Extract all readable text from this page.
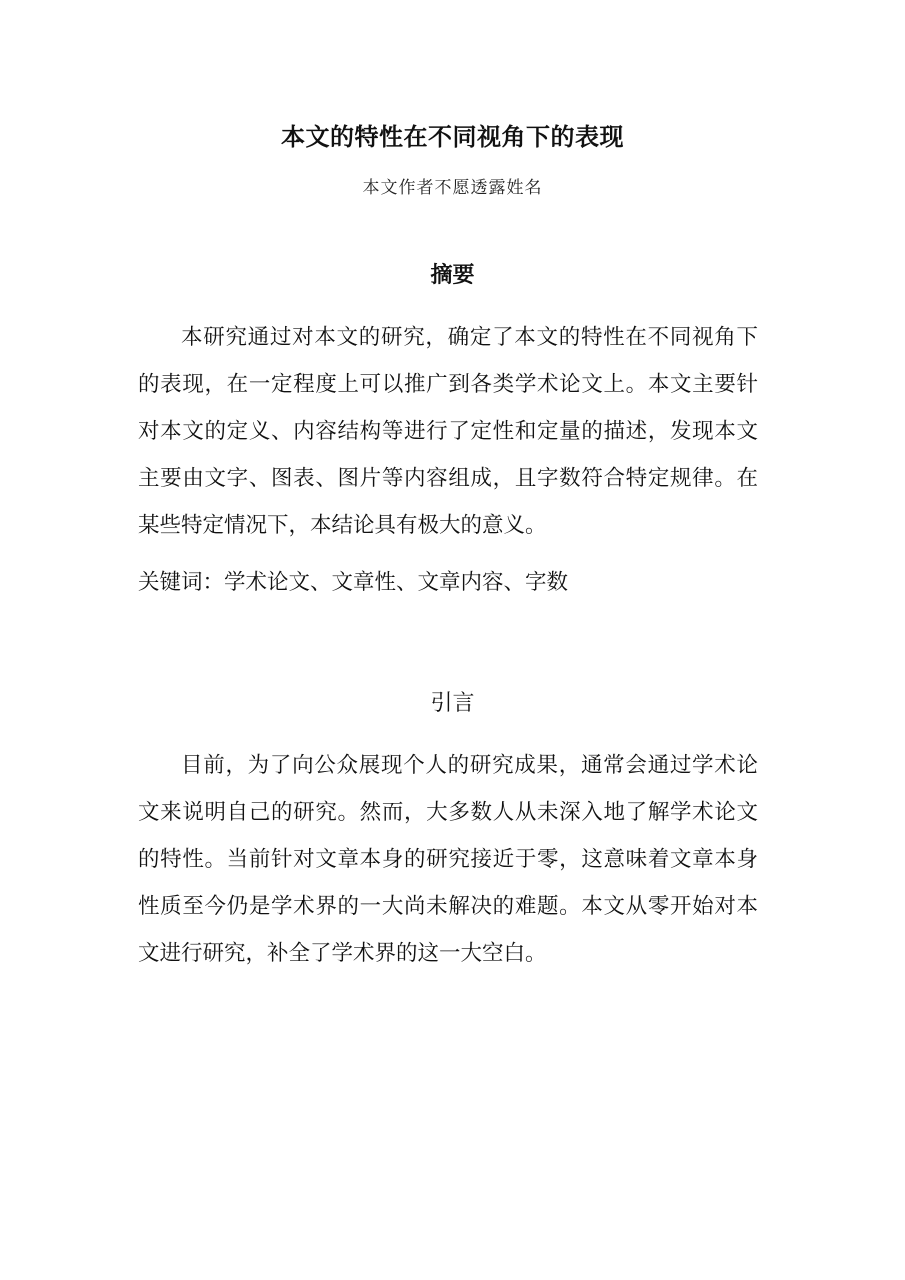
本文的特性在不同视角下的表现
本文作者不愿透露姓名
摘要

本研究通过对本文的研究，确定了本文的特性在不同视角下的表现，在一定程度上可以推广到各类学术论文上。本文主要针对本文的定义、内容结构等进行了定性和定量的描述，发现本文主要由文字、图表、图片等内容组成，且字数符合特定规律。在某些特定情况下，本结论具有极大的意义。

关键词：学术论文、文章性、文章内容、字数

引言

目前，为了向公众展现个人的研究成果，通常会通过学术论文来说明自己的研究。然而，大多数人从未深入地了解学术论文的特性。当前针对文章本身的研究接近于零，这意味着文章本身性质至今仍是学术界的一大尚未解决的难题。本文从零开始对本文进行研究，补全了学术界的这一大空白。
